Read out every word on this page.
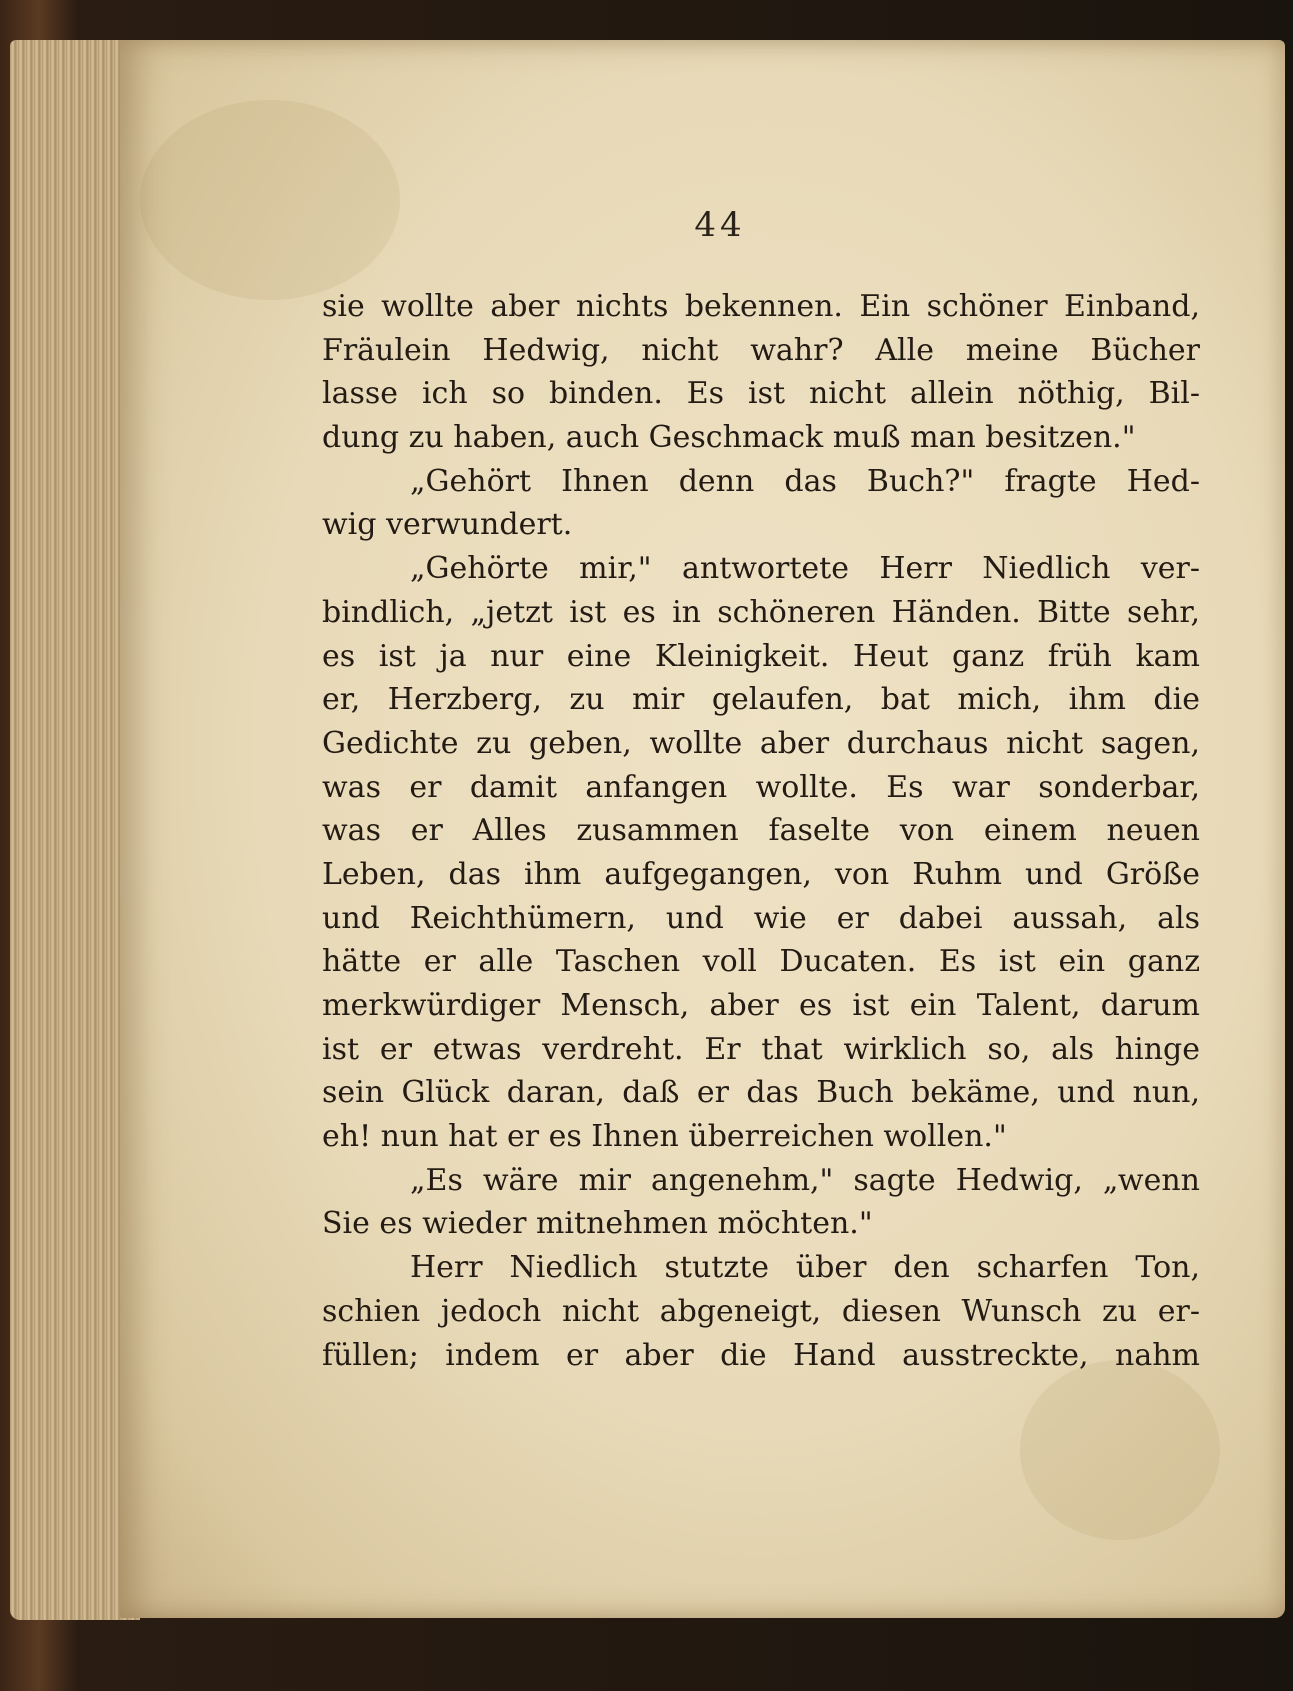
44
sie wollte aber nichts bekennen. Ein schöner Einband,
Fräulein Hedwig, nicht wahr? Alle meine Bücher
lasse ich so binden. Es ist nicht allein nöthig, Bil-
dung zu haben, auch Geschmack muß man besitzen."
„Gehört Ihnen denn das Buch?" fragte Hed-
wig verwundert.
„Gehörte mir," antwortete Herr Niedlich ver-
bindlich, „jetzt ist es in schöneren Händen. Bitte sehr,
es ist ja nur eine Kleinigkeit. Heut ganz früh kam
er, Herzberg, zu mir gelaufen, bat mich, ihm die
Gedichte zu geben, wollte aber durchaus nicht sagen,
was er damit anfangen wollte. Es war sonderbar,
was er Alles zusammen faselte von einem neuen
Leben, das ihm aufgegangen, von Ruhm und Größe
und Reichthümern, und wie er dabei aussah, als
hätte er alle Taschen voll Ducaten. Es ist ein ganz
merkwürdiger Mensch, aber es ist ein Talent, darum
ist er etwas verdreht. Er that wirklich so, als hinge
sein Glück daran, daß er das Buch bekäme, und nun,
eh! nun hat er es Ihnen überreichen wollen."
„Es wäre mir angenehm," sagte Hedwig, „wenn
Sie es wieder mitnehmen möchten."
Herr Niedlich stutzte über den scharfen Ton,
schien jedoch nicht abgeneigt, diesen Wunsch zu er-
füllen; indem er aber die Hand ausstreckte, nahm
